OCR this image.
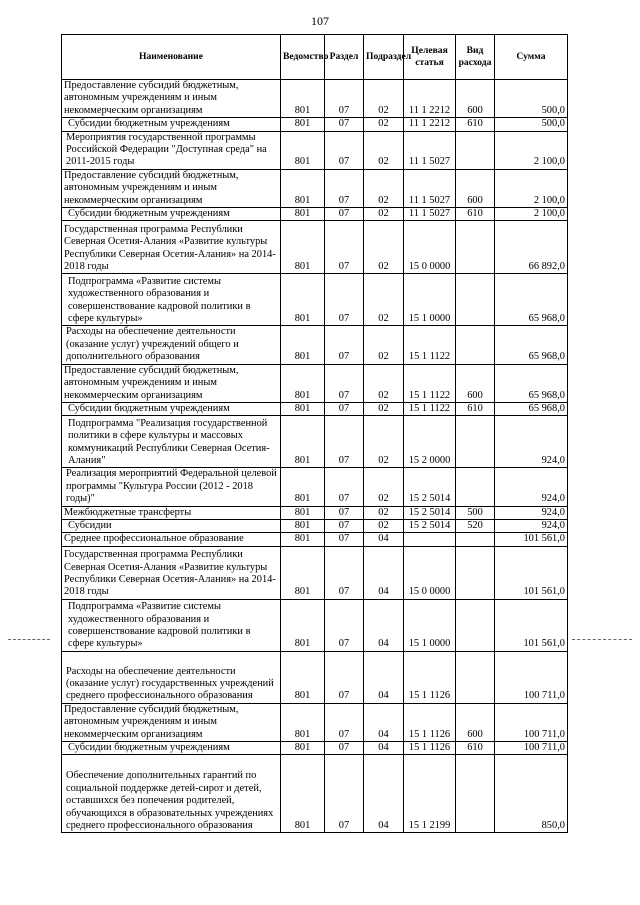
107
Наименование	Ведомство	Раздел	Подраздел	Целевая статья	Вид расхода	Сумма
Предоставление субсидий бюджетным, автономным учреждениям и иным некоммерческим организациям	801	07	02	11 1 2212	600	500,0
Субсидии бюджетным учреждениям	801	07	02	11 1 2212	610	500,0
Мероприятия государственной программы Российской Федерации "Доступная среда" на 2011-2015 годы	801	07	02	11 1 5027		2 100,0
Предоставление субсидий бюджетным, автономным учреждениям и иным некоммерческим организациям	801	07	02	11 1 5027	600	2 100,0
Субсидии бюджетным учреждениям	801	07	02	11 1 5027	610	2 100,0
Государственная программа Республики Северная Осетия-Алания «Развитие культуры Республики Северная Осетия-Алания» на 2014-2018 годы	801	07	02	15 0 0000		66 892,0
Подпрограмма «Развитие системы художественного образования и совершенствование кадровой политики в сфере культуры»	801	07	02	15 1 0000		65 968,0
Расходы на обеспечение деятельности (оказание услуг) учреждений общего и дополнительного образования	801	07	02	15 1 1122		65 968,0
Предоставление субсидий бюджетным, автономным учреждениям и иным некоммерческим организациям	801	07	02	15 1 1122	600	65 968,0
Субсидии бюджетным учреждениям	801	07	02	15 1 1122	610	65 968,0
Подпрограмма "Реализация государственной политики в сфере культуры и массовых коммуникаций Республики Северная Осетия-Алания"	801	07	02	15 2 0000		924,0
Реализация мероприятий Федеральной целевой программы "Культура России (2012 - 2018 годы)"	801	07	02	15 2 5014		924,0
Межбюджетные трансферты	801	07	02	15 2 5014	500	924,0
Субсидии	801	07	02	15 2 5014	520	924,0
Среднее профессиональное образование	801	07	04			101 561,0
Государственная программа Республики Северная Осетия-Алания «Развитие культуры Республики Северная Осетия-Алания» на 2014-2018 годы	801	07	04	15 0 0000		101 561,0
Подпрограмма «Развитие системы художественного образования и совершенствование кадровой политики в сфере культуры»	801	07	04	15 1 0000		101 561,0
Расходы на обеспечение деятельности (оказание услуг) государственных учреждений среднего профессионального образования	801	07	04	15 1 1126		100 711,0
Предоставление субсидий бюджетным, автономным учреждениям и иным некоммерческим организациям	801	07	04	15 1 1126	600	100 711,0
Субсидии бюджетным учреждениям	801	07	04	15 1 1126	610	100 711,0
Обеспечение дополнительных гарантий по социальной поддержке детей-сирот и детей, оставшихся без попечения родителей, обучающихся в образовательных учреждениях среднего профессионального образования	801	07	04	15 1 2199		850,0
